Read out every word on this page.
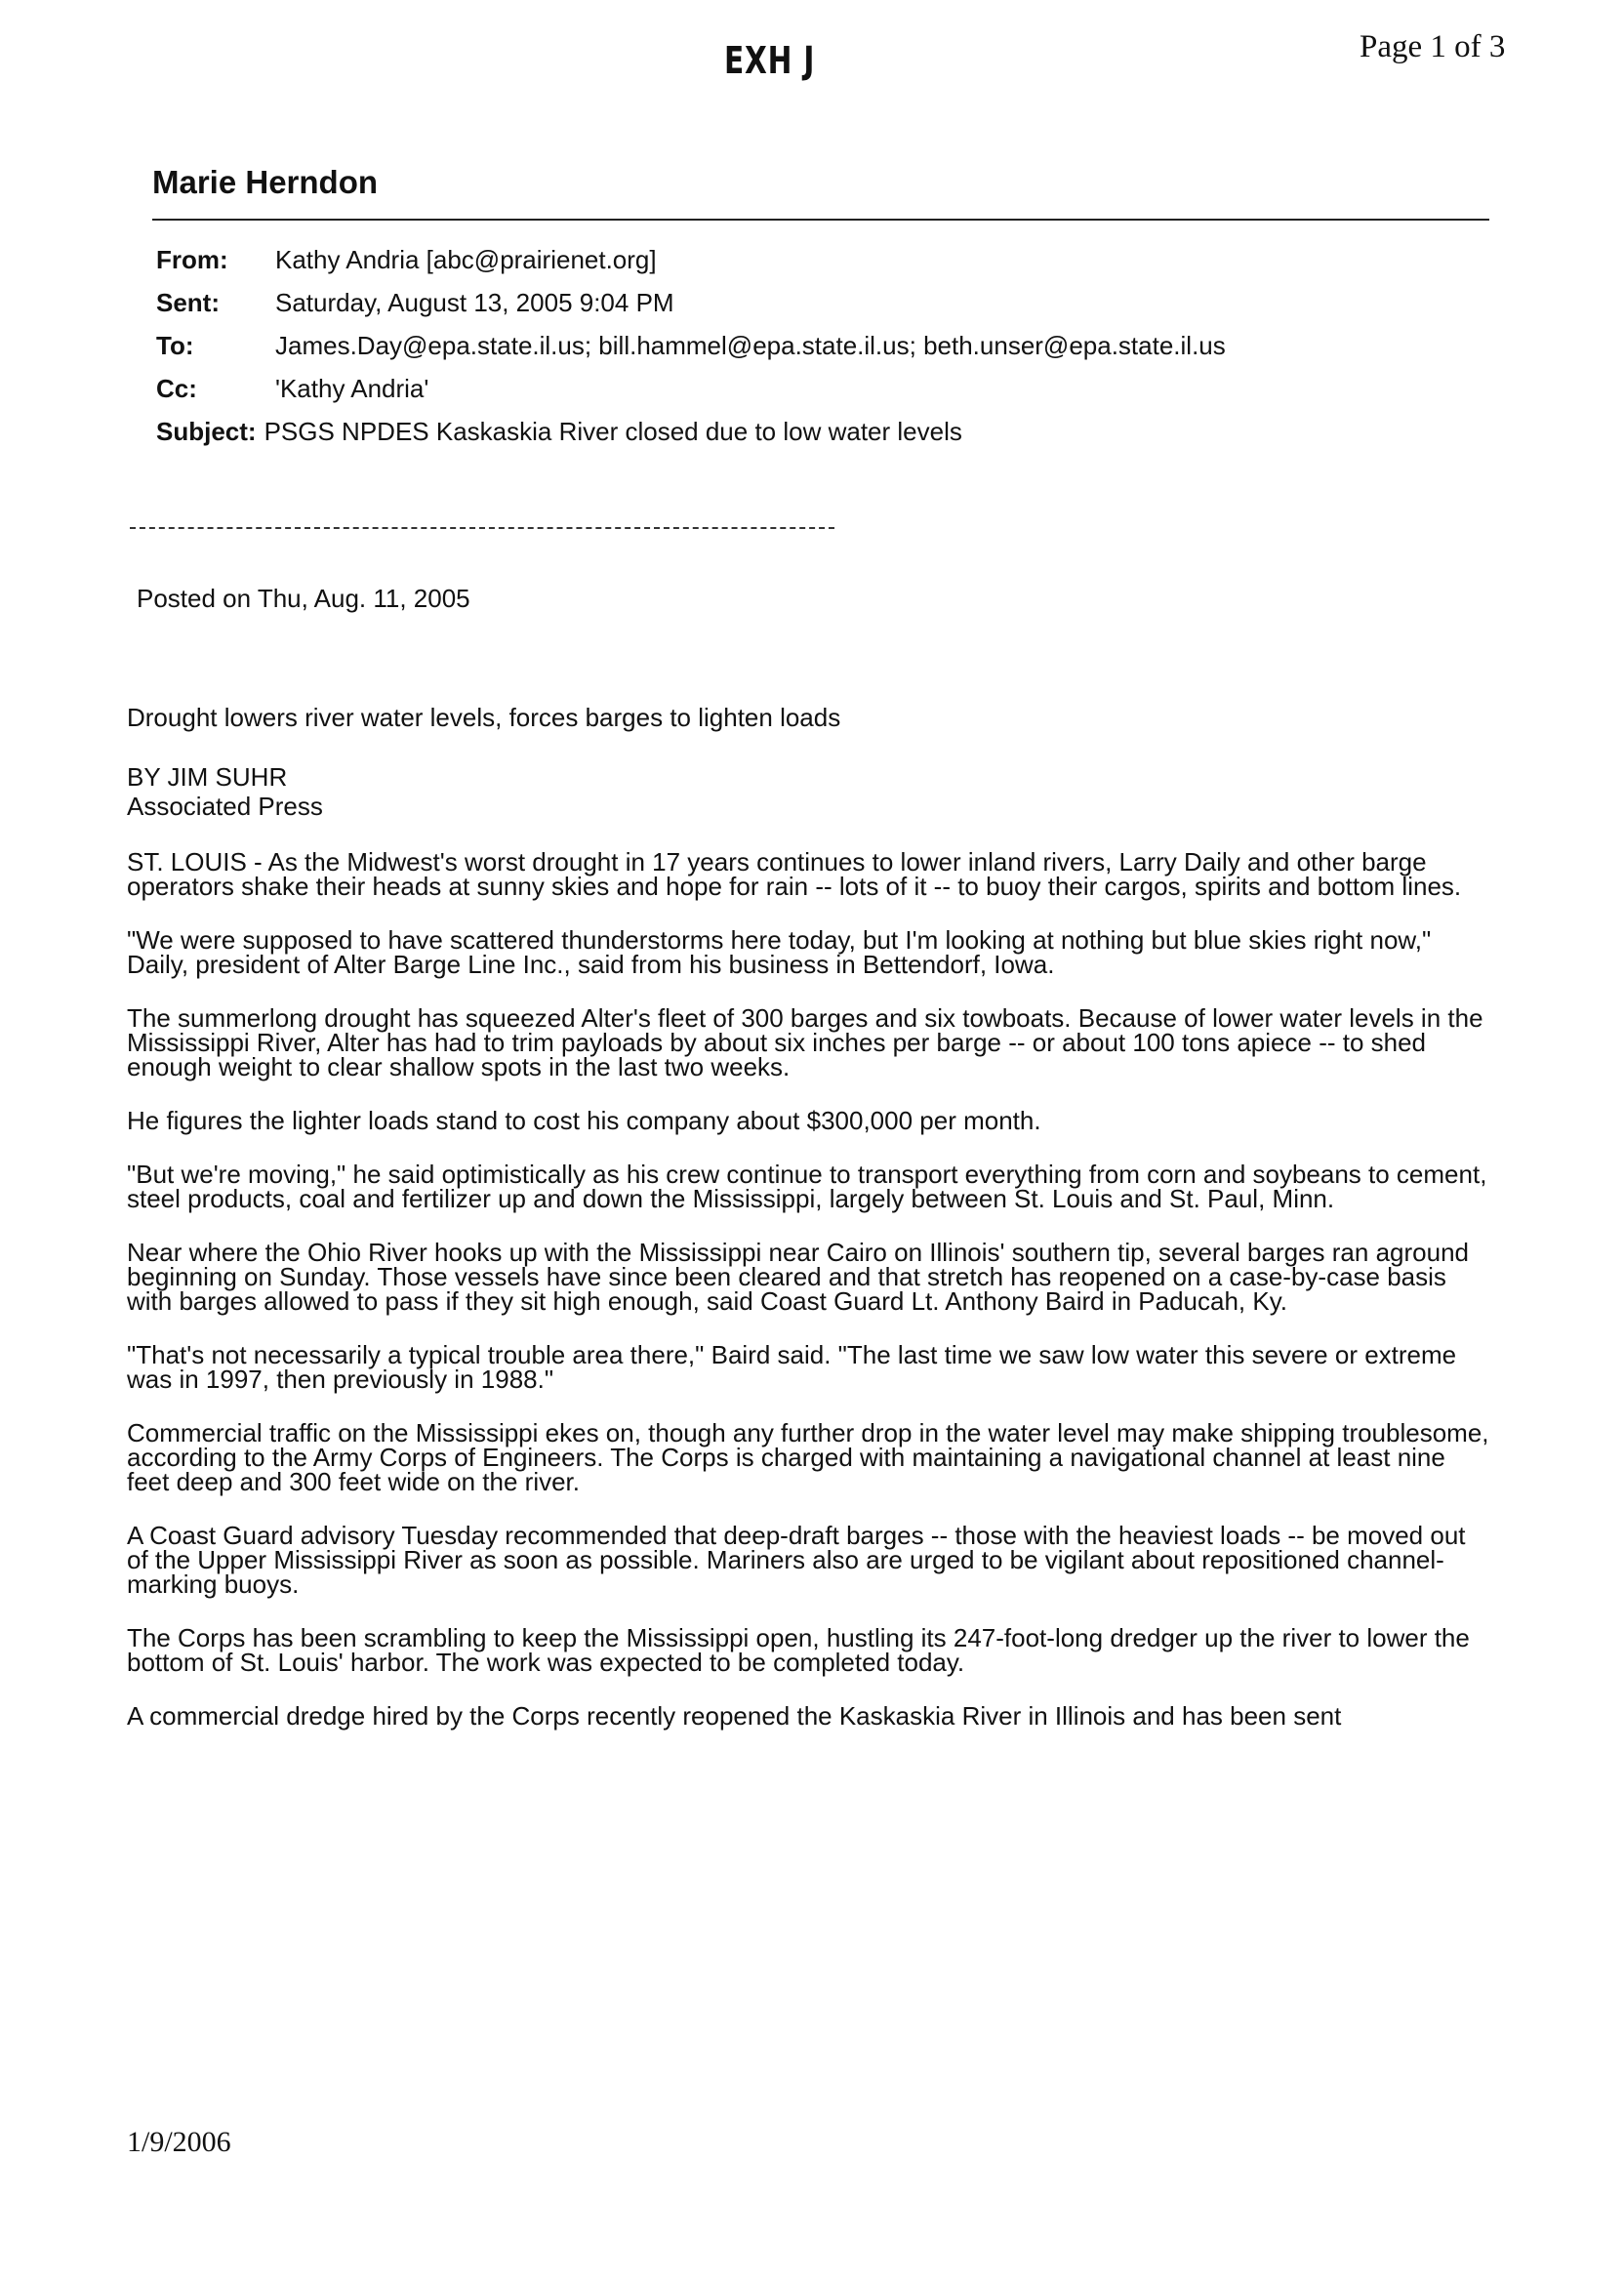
EXH J	Page 1 of 3
Marie Herndon
From: Kathy Andria [abc@prairienet.org]
Sent: Saturday, August 13, 2005 9:04 PM
To:	James.Day@epa.state.il.us; bill.hammel@epa.state.il.us; beth.unser@epa.state.il.us
Cc:	'Kathy Andria'
Subject: PSGS NPDES Kaskaskia River closed due to low water levels
Posted on Thu, Aug. 11, 2005
Drought lowers river water levels, forces barges to lighten loads
BY JIM SUHR
Associated Press

ST. LOUIS - As the Midwest's worst drought in 17 years continues to lower inland rivers, Larry Daily and other barge operators shake their heads at sunny skies and hope for rain -- lots of it -- to buoy their cargos, spirits and bottom lines.

"We were supposed to have scattered thunderstorms here today, but I'm looking at nothing but blue skies right now," Daily, president of Alter Barge Line Inc., said from his business in Bettendorf, Iowa.

The summerlong drought has squeezed Alter's fleet of 300 barges and six towboats. Because of lower water levels in the Mississippi River, Alter has had to trim payloads by about six inches per barge -- or about 100 tons apiece -- to shed enough weight to clear shallow spots in the last two weeks.

He figures the lighter loads stand to cost his company about $300,000 per month.

"But we're moving," he said optimistically as his crew continue to transport everything from corn and soybeans to cement, steel products, coal and fertilizer up and down the Mississippi, largely between St. Louis and St. Paul, Minn.

Near where the Ohio River hooks up with the Mississippi near Cairo on Illinois' southern tip, several barges ran aground beginning on Sunday. Those vessels have since been cleared and that stretch has reopened on a case-by-case basis with barges allowed to pass if they sit high enough, said Coast Guard Lt. Anthony Baird in Paducah, Ky.

"That's not necessarily a typical trouble area there," Baird said. "The last time we saw low water this severe or extreme was in 1997, then previously in 1988."

Commercial traffic on the Mississippi ekes on, though any further drop in the water level may make shipping troublesome, according to the Army Corps of Engineers. The Corps is charged with maintaining a navigational channel at least nine feet deep and 300 feet wide on the river.

A Coast Guard advisory Tuesday recommended that deep-draft barges -- those with the heaviest loads -- be moved out of the Upper Mississippi River as soon as possible. Mariners also are urged to be vigilant about repositioned channel-marking buoys.

The Corps has been scrambling to keep the Mississippi open, hustling its 247-foot-long dredger up the river to lower the bottom of St. Louis' harbor. The work was expected to be completed today.

A commercial dredge hired by the Corps recently reopened the Kaskaskia River in Illinois and has been sent

1/9/2006
